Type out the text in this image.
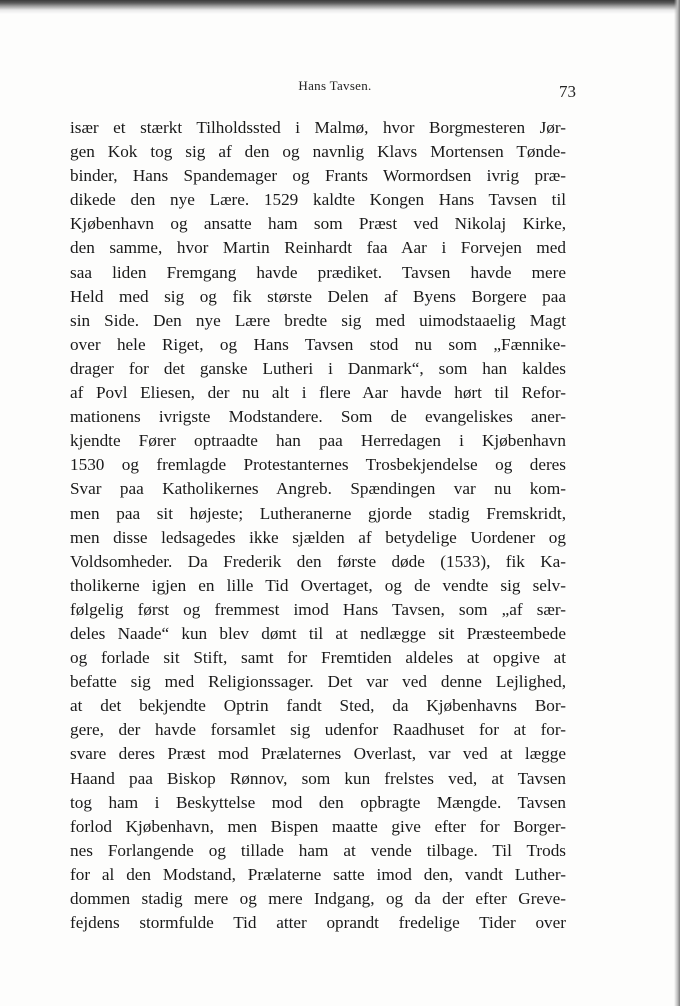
Hans Tavsen.	73
især et stærkt Tilholdssted i Malmø, hvor Borgmesteren Jør-
gen Kok tog sig af den og navnlig Klavs Mortensen Tønde-
binder, Hans Spandemager og Frants Wormordsen ivrig præ-
dikede den nye Lære. 1529 kaldte Kongen Hans Tavsen til
Kjøbenhavn og ansatte ham som Præst ved Nikolaj Kirke,
den samme, hvor Martin Reinhardt faa Aar i Forvejen med
saa liden Fremgang havde prædiket. Tavsen havde mere
Held med sig og fik største Delen af Byens Borgere paa
sin Side. Den nye Lære bredte sig med uimodstaaelig Magt
over hele Riget, og Hans Tavsen stod nu som „Fænnike-
drager for det ganske Lutheri i Danmark“, som han kaldes
af Povl Eliesen, der nu alt i flere Aar havde hørt til Refor-
mationens ivrigste Modstandere. Som de evangeliskes aner-
kjendte Fører optraadte han paa Herredagen i Kjøbenhavn
1530 og fremlagde Protestanternes Trosbekjendelse og deres
Svar paa Katholikernes Angreb. Spændingen var nu kom-
men paa sit højeste; Lutheranerne gjorde stadig Fremskridt,
men disse ledsagedes ikke sjælden af betydelige Uordener og
Voldsomheder. Da Frederik den første døde (1533), fik Ka-
tholikerne igjen en lille Tid Overtaget, og de vendte sig selv-
følgelig først og fremmest imod Hans Tavsen, som „af sær-
deles Naade“ kun blev dømt til at nedlægge sit Præsteembede
og forlade sit Stift, samt for Fremtiden aldeles at opgive at
befatte sig med Religionssager. Det var ved denne Lejlighed,
at det bekjendte Optrin fandt Sted, da Kjøbenhavns Bor-
gere, der havde forsamlet sig udenfor Raadhuset for at for-
svare deres Præst mod Prælaternes Overlast, var ved at lægge
Haand paa Biskop Rønnov, som kun frelstes ved, at Tavsen
tog ham i Beskyttelse mod den opbragte Mængde. Tavsen
forlod Kjøbenhavn, men Bispen maatte give efter for Borger-
nes Forlangende og tillade ham at vende tilbage. Til Trods
for al den Modstand, Prælaterne satte imod den, vandt Luther-
dommen stadig mere og mere Indgang, og da der efter Greve-
fejdens stormfulde Tid atter oprandt fredelige Tider over
